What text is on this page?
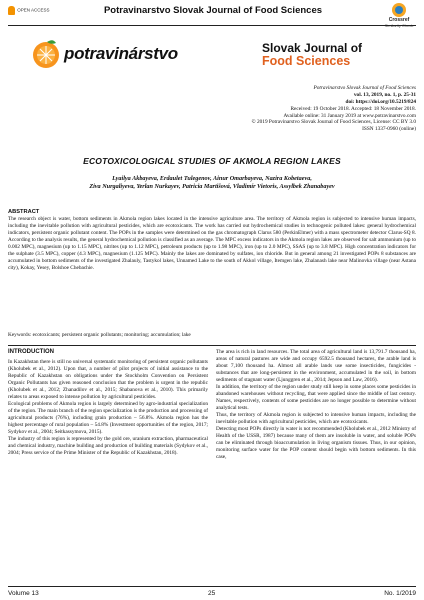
OPEN ACCESS	Potravinarstvo Slovak Journal of Food Sciences
Crossref

potravinárstvo	Slovak Journal of
Food Sciences
Potravinarstvo Slovak Journal of Food Sciences
vol. 13, 2019, no. 1, p. 25-31
doi: https://doi.org/10.5219/824
Received: 19 October 2018. Accepted: 18 November 2018.
Available online: 31 January 2019 at www.potravinarstvo.com
© 2019 Potravinarstvo Slovak Journal of Food Sciences, License: CC BY 3.0
ISSN 1337-0960 (online)
ECOTOXICOLOGICAL STUDIES OF AKMOLA REGION LAKES
Lyailya Akbayeva, Erdaulet Tulegenov, Ainur Omarbayeva, Nazira Kobetaeva,
Ziva Nurgaliyeva, Yerlan Nurkayev, Patricia Martišová, Vladimír Vietoris, Assylbek Zhanabayev
ABSTRACT
The research object is water, bottom sediments in Akmola region lakes located in the intensive agriculture area. The territory of Akmola region is subjected to intensive human impacts, including the inevitable pollution with agricultural pesticides, which are ecotoxicants. The work has carried out hydrochemical studies in technogenic polluted lakes: general hydrochemical indicators, persistent organic pollutant content. The POPs in the samples were determined on the gas chromatograph Clarus 580 (PerkinElmer) with a mass spectrometer detector Clarus-SQ 8. According to the analysis results, the general hydrochemical pollution is classified as an average. The MPC excess indicators in the Akmola region lakes are observed for salt ammonium (up to 0.002 MPC), magnesium (up to 1.15 MPC), nitrites (up to 1.12 MPC), petroleum products (up to 1.98 MPC), iron (up to 2.0 MPC), SSAS (up to 3.8 MPC). High concentration indicators for the sulphate (3.5 MPC), copper (4.3 MPC), magnesium (1.125 MPC). Mainly the lakes are dominated by sulfates, ion chloride. But in general among 21 investigated POPs 8 substances are accumulated in bottom sediments of the investigated Zhalauly, Tastykol lakes, Unnamed Lake to the south of Akkol village, Itemgen lake, Zhalanash lake near Malinovka village (near Astana city), Kokay, Yesey, Bolshoe Chebachie.
Keywords: ecotoxicants; persistent organic pollutants; monitoring; accumulation; lake
INTRODUCTION

In Kazakhstan there is still no universal systematic monitoring of persistent organic pollutants (Kholubek et al., 2012). Upon that, a number of pilot projects of initial assistance to the Republic of Kazakhstan on obligations under the Stockholm Convention on Persistent Organic Pollutants has given reasoned conclusion that the problem is urgent in the republic (Kholubek et al., 2012; Zhanadilov et al., 2015; Shabanova et al., 2010). This primarily relates to areas exposed to intense pollution by agricultural pesticides.

Ecological problems of Akmola region is largely determined by agro-industrial specialization of the region. The main branch of the region specialization is the production and processing of agricultural products (76%), including grain production – 56.8%. Akmola region has the highest percentage of rural population – 54.8% (Investment opportunities of the region, 2017; Sydykov et al., 2004; Seitkassymova, 2015).

The industry of this region is represented by the gold ore, uranium extraction, pharmaceutical and chemical industry, machine building and production of building materials (Sydykov et al., 2004; Press service of the Prime Minister of the Republic of Kazakhstan, 2018).

The area is rich in land resources. The total area of agricultural land is 13,791.7 thousand ha, areas of natural pastures are wide and occupy 6592.5 thousand hectares, the arable land is about 7,100 thousand ha. Almost all arable lands use some insecticides, fungicides - substances that are long-persistent in the environment, accumulated in the soil, in bottom sediments of stagnant water (Ljunggren et al., 2014; Jepson and Law, 2016).

In addition, the territory of the region under study still keep in some places some pesticides in abandoned warehouses without recycling, that were applied since the middle of last century. Names, respectively, contents of some pesticides are no longer possible to determine without analytical tests.

Thus, the territory of Akmola region is subjected to intensive human impacts, including the inevitable pollution with agricultural pesticides, which are ecotoxicants.

Detecting most POPs directly in water is not recommended (Kholubek et al., 2012 Ministry of Health of the USSR, 1987) because many of them are insoluble in water, and soluble POPs can be eliminated through bioaccumulation in living organism tissues. Thus, in our opinion, monitoring surface water for the POP content should begin with bottom sediments. In this case,

Volume 13	25	No. 1/2019
